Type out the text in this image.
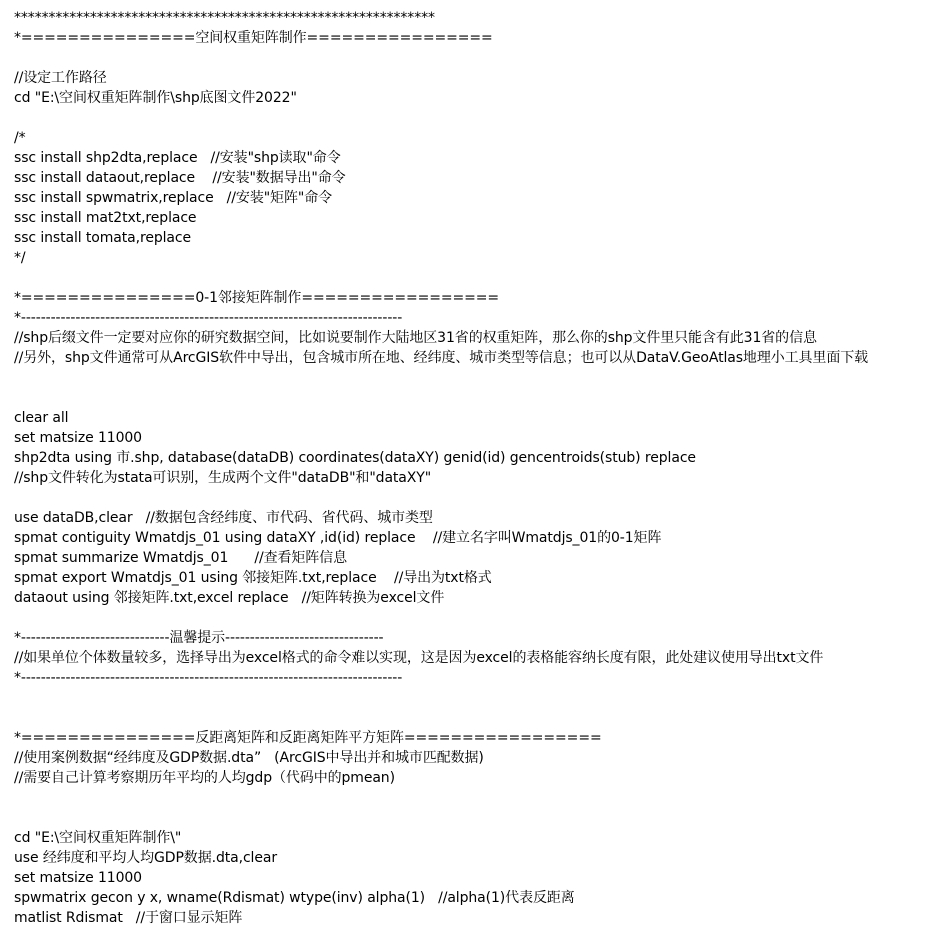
*************************************************************
*===============空间权重矩阵制作================
//设定工作路径
cd "E:\空间权重矩阵制作\shp底图文件2022"
/*
ssc install shp2dta,replace   //安装"shp读取"命令
ssc install dataout,replace    //安装"数据导出"命令
ssc install spwmatrix,replace   //安装"矩阵"命令
ssc install mat2txt,replace
ssc install tomata,replace
*/
*===============0-1邻接矩阵制作=================
*-----------------------------------------------------------------------------
//shp后缀文件一定要对应你的研究数据空间，比如说要制作大陆地区31省的权重矩阵，那么你的shp文件里只能含有此31省的信息
//另外，shp文件通常可从ArcGIS软件中导出，包含城市所在地、经纬度、城市类型等信息；也可以从DataV.GeoAtlas地理小工具里面下载
clear all
set matsize 11000
shp2dta using 市.shp, database(dataDB) coordinates(dataXY) genid(id) gencentroids(stub) replace
//shp文件转化为stata可识别，生成两个文件"dataDB"和"dataXY"
use dataDB,clear   //数据包含经纬度、市代码、省代码、城市类型
spmat contiguity Wmatdjs_01 using dataXY ,id(id) replace    //建立名字叫Wmatdjs_01的0-1矩阵
spmat summarize Wmatdjs_01      //查看矩阵信息
spmat export Wmatdjs_01 using 邻接矩阵.txt,replace    //导出为txt格式
dataout using 邻接矩阵.txt,excel replace   //矩阵转换为excel文件
*------------------------------温馨提示--------------------------------
//如果单位个体数量较多，选择导出为excel格式的命令难以实现，这是因为excel的表格能容纳长度有限，此处建议使用导出txt文件
*-----------------------------------------------------------------------------
*===============反距离矩阵和反距离矩阵平方矩阵=================
//使用案例数据“经纬度及GDP数据.dta”   (ArcGIS中导出并和城市匹配数据)
//需要自己计算考察期历年平均的人均gdp（代码中的pmean)
cd "E:\空间权重矩阵制作\"
use 经纬度和平均人均GDP数据.dta,clear
set matsize 11000
spwmatrix gecon y x, wname(Rdismat) wtype(inv) alpha(1)   //alpha(1)代表反距离
matlist Rdismat   //于窗口显示矩阵
